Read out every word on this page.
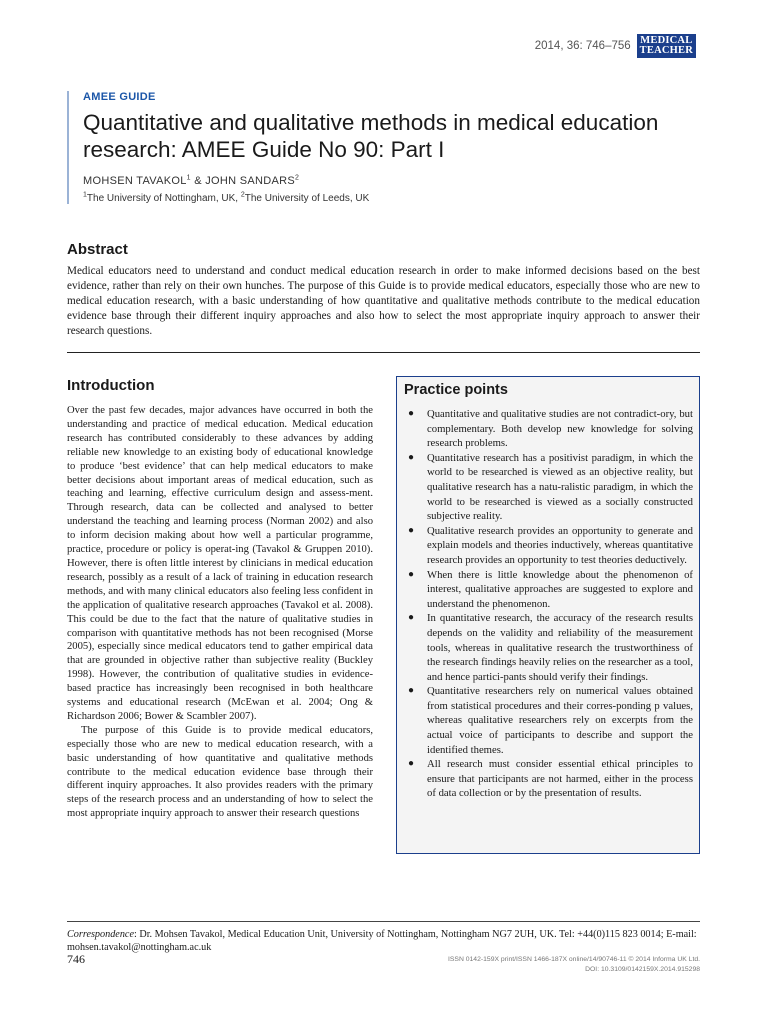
2014, 36: 746–756 MEDICAL
TEACHER
AMEE GUIDE
Quantitative and qualitative methods in medical education research: AMEE Guide No 90: Part I
MOHSEN TAVAKOL$^1$ & JOHN SANDARS$^2$
$^1$The University of Nottingham, UK, $^2$The University of Leeds, UK
Abstract

Medical educators need to understand and conduct medical education research in order to make informed decisions based on the best evidence, rather than rely on their own hunches. The purpose of this Guide is to provide medical educators, especially those who are new to medical education research, with a basic understanding of how quantitative and qualitative methods contribute to the medical education evidence base through their different inquiry approaches and also how to select the most appropriate inquiry approach to answer their research questions.

Introduction

Over the past few decades, major advances have occurred in both the understanding and practice of medical education. Medical education research has contributed considerably to these advances by adding reliable new knowledge to an existing body of educational knowledge to produce ‘best evidence’ that can help medical educators to make better decisions about important areas of medical education, such as teaching and learning, effective curriculum design and assess-ment. Through research, data can be collected and analysed to better understand the teaching and learning process (Norman 2002) and also to inform decision making about how well a particular programme, practice, procedure or policy is operat-ing (Tavakol & Gruppen 2010). However, there is often little interest by clinicians in medical education research, possibly as a result of a lack of training in education research methods, and with many clinical educators also feeling less confident in the application of qualitative research approaches (Tavakol et al. 2008). This could be due to the fact that the nature of qualitative studies in comparison with quantitative methods has not been recognised (Morse 2005), especially since medical educators tend to gather empirical data that are grounded in objective rather than subjective reality (Buckley 1998). However, the contribution of qualitative studies in evidence-based practice has increasingly been recognised in both healthcare systems and educational research (McEwan et al. 2004; Ong & Richardson 2006; Bower & Scambler 2007).

The purpose of this Guide is to provide medical educators, especially those who are new to medical education research, with a basic understanding of how quantitative and qualitative methods contribute to the medical education evidence base through their different inquiry approaches. It also provides readers with the primary steps of the research process and an understanding of how to select the most appropriate inquiry approach to answer their research questions

Practice points
● Quantitative and qualitative studies are not contradict-ory, but complementary. Both develop new knowledge for solving research problems.
● Quantitative research has a positivist paradigm, in which the world to be researched is viewed as an objective reality, but qualitative research has a natu-ralistic paradigm, in which the world to be researched is viewed as a socially constructed subjective reality.
● Qualitative research provides an opportunity to generate and explain models and theories inductively, whereas quantitative research provides an opportunity to test theories deductively.
● When there is little knowledge about the phenomenon of interest, qualitative approaches are suggested to explore and understand the phenomenon.
● In quantitative research, the accuracy of the research results depends on the validity and reliability of the measurement tools, whereas in qualitative research the trustworthiness of the research findings heavily relies on the researcher as a tool, and hence partici-pants should verify their findings.
● Quantitative researchers rely on numerical values obtained from statistical procedures and their corres-ponding p values, whereas qualitative researchers rely on excerpts from the actual voice of participants to describe and support the identified themes.
● All research must consider essential ethical principles to ensure that participants are not harmed, either in the process of data collection or by the presentation of results.
Correspondence: Dr. Mohsen Tavakol, Medical Education Unit, University of Nottingham, Nottingham NG7 2UH, UK. Tel: +44(0)115 823 0014; E-mail: mohsen.tavakol@nottingham.ac.uk
746	ISSN 0142-159X print/ISSN 1466-187X online/14/90746-11 © 2014 Informa UK Ltd.
DOI: 10.3109/0142159X.2014.915298
